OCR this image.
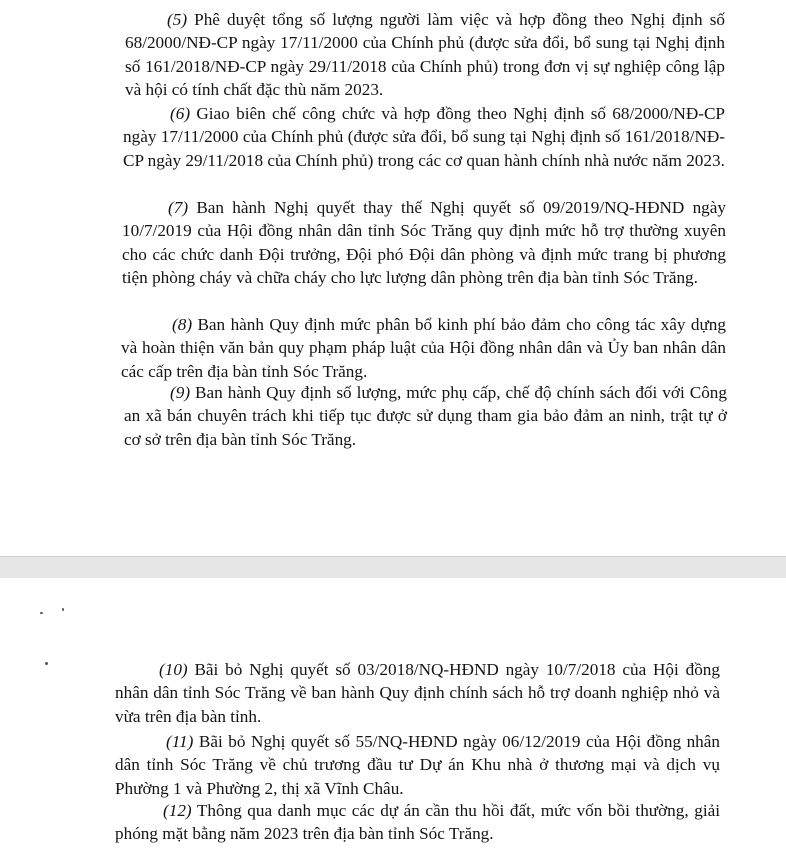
(5) Phê duyệt tổng số lượng người làm việc và hợp đồng theo Nghị định số 68/2000/NĐ-CP ngày 17/11/2000 của Chính phủ (được sửa đổi, bổ sung tại Nghị định số 161/2018/NĐ-CP ngày 29/11/2018 của Chính phủ) trong đơn vị sự nghiệp công lập và hội có tính chất đặc thù năm 2023.

(6) Giao biên chế công chức và hợp đồng theo Nghị định số 68/2000/NĐ-CP ngày 17/11/2000 của Chính phủ (được sửa đổi, bổ sung tại Nghị định số 161/2018/NĐ-CP ngày 29/11/2018 của Chính phủ) trong các cơ quan hành chính nhà nước năm 2023.

(7) Ban hành Nghị quyết thay thế Nghị quyết số 09/2019/NQ-HĐND ngày 10/7/2019 của Hội đồng nhân dân tỉnh Sóc Trăng quy định mức hỗ trợ thường xuyên cho các chức danh Đội trưởng, Đội phó Đội dân phòng và định mức trang bị phương tiện phòng cháy và chữa cháy cho lực lượng dân phòng trên địa bàn tỉnh Sóc Trăng.

(8) Ban hành Quy định mức phân bổ kinh phí bảo đảm cho công tác xây dựng và hoàn thiện văn bản quy phạm pháp luật của Hội đồng nhân dân và Ủy ban nhân dân các cấp trên địa bàn tỉnh Sóc Trăng.

(9) Ban hành Quy định số lượng, mức phụ cấp, chế độ chính sách đối với Công an xã bán chuyên trách khi tiếp tục được sử dụng tham gia bảo đảm an ninh, trật tự ở cơ sở trên địa bàn tỉnh Sóc Trăng.

(10) Bãi bỏ Nghị quyết số 03/2018/NQ-HĐND ngày 10/7/2018 của Hội đồng nhân dân tỉnh Sóc Trăng về ban hành Quy định chính sách hỗ trợ doanh nghiệp nhỏ và vừa trên địa bàn tỉnh.

(11) Bãi bỏ Nghị quyết số 55/NQ-HĐND ngày 06/12/2019 của Hội đồng nhân dân tỉnh Sóc Trăng về chủ trương đầu tư Dự án Khu nhà ở thương mại và dịch vụ Phường 1 và Phường 2, thị xã Vĩnh Châu.

(12) Thông qua danh mục các dự án cần thu hồi đất, mức vốn bồi thường, giải phóng mặt bằng năm 2023 trên địa bàn tỉnh Sóc Trăng.
